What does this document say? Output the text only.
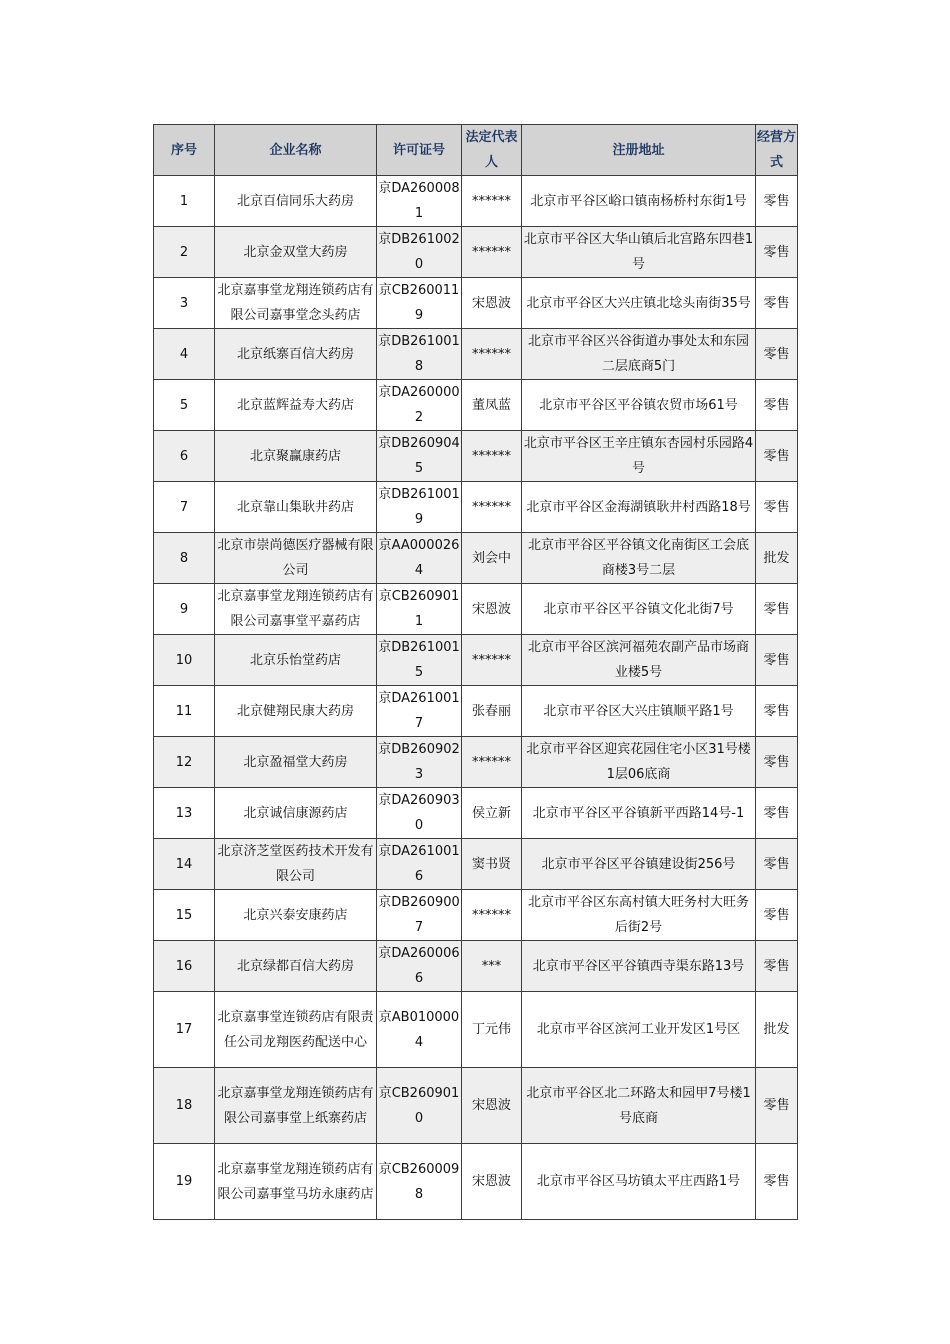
序号	企业名称	许可证号	法定代表人	注册地址	经营方式
1	北京百信同乐大药房	京DA2600081	******	北京市平谷区峪口镇南杨桥村东街1号	零售
2	北京金双堂大药房	京DB2610020	******	北京市平谷区大华山镇后北宫路东四巷1号	零售
3	北京嘉事堂龙翔连锁药店有限公司嘉事堂念头药店	京CB2600119	宋恩波	北京市平谷区大兴庄镇北埝头南街35号	零售
4	北京纸寨百信大药房	京DB2610018	******	北京市平谷区兴谷街道办事处太和东园二层底商5门	零售
5	北京蓝辉益寿大药店	京DA2600002	董凤蓝	北京市平谷区平谷镇农贸市场61号	零售
6	北京聚赢康药店	京DB2609045	******	北京市平谷区王辛庄镇东杏园村乐园路4号	零售
7	北京靠山集耿井药店	京DB2610019	******	北京市平谷区金海湖镇耿井村西路18号	零售
8	北京市崇尚德医疗器械有限公司	京AA0000264	刘会中	北京市平谷区平谷镇文化南街区工会底商楼3号二层	批发
9	北京嘉事堂龙翔连锁药店有限公司嘉事堂平嘉药店	京CB2609011	宋恩波	北京市平谷区平谷镇文化北街7号	零售
10	北京乐怡堂药店	京DB2610015	******	北京市平谷区滨河福苑农副产品市场商业楼5号	零售
11	北京健翔民康大药房	京DA2610017	张春丽	北京市平谷区大兴庄镇顺平路1号	零售
12	北京盈福堂大药房	京DB2609023	******	北京市平谷区迎宾花园住宅小区31号楼1层06底商	零售
13	北京诚信康源药店	京DA2609030	侯立新	北京市平谷区平谷镇新平西路14号-1	零售
14	北京济芝堂医药技术开发有限公司	京DA2610016	窦书贤	北京市平谷区平谷镇建设街256号	零售
15	北京兴泰安康药店	京DB2609007	******	北京市平谷区东高村镇大旺务村大旺务后街2号	零售
16	北京绿都百信大药房	京DA2600066	***	北京市平谷区平谷镇西寺渠东路13号	零售
17	北京嘉事堂连锁药店有限责任公司龙翔医药配送中心	京AB0100004	丁元伟	北京市平谷区滨河工业开发区1号区	批发
18	北京嘉事堂龙翔连锁药店有限公司嘉事堂上纸寨药店	京CB2609010	宋恩波	北京市平谷区北二环路太和园甲7号楼1号底商	零售
19	北京嘉事堂龙翔连锁药店有限公司嘉事堂马坊永康药店	京CB2600098	宋恩波	北京市平谷区马坊镇太平庄西路1号	零售
